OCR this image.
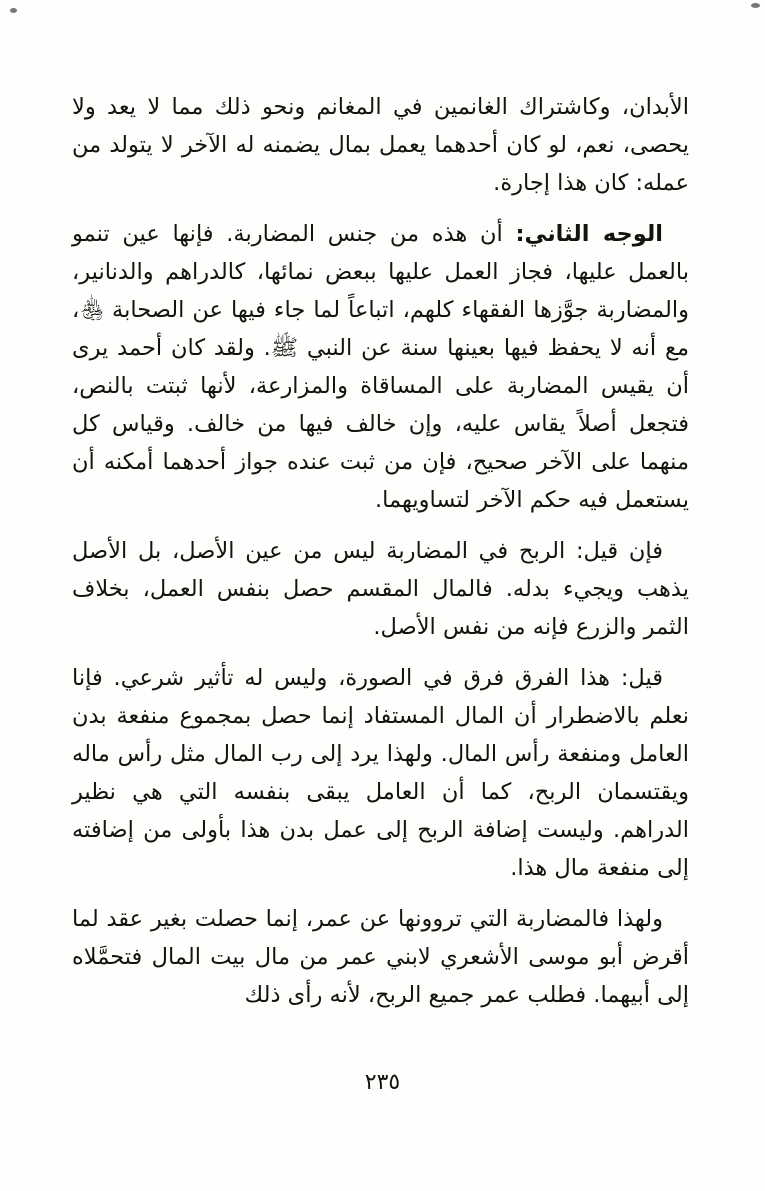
الأبدان، وكاشتراك الغانمين في المغانم ونحو ذلك مما لا يعد ولا يحصى، نعم، لو كان أحدهما يعمل بمال يضمنه له الآخر لا يتولد من عمله: كان هذا إجارة.

الوجه الثاني: أن هذه من جنس المضاربة. فإنها عين تنمو بالعمل عليها، فجاز العمل عليها ببعض نمائها، كالدراهم والدنانير، والمضاربة جوَّزها الفقهاء كلهم، اتباعاً لما جاء فيها عن الصحابة ﵃، مع أنه لا يحفظ فيها بعينها سنة عن النبي ﷺ. ولقد كان أحمد يرى أن يقيس المضاربة على المساقاة والمزارعة، لأنها ثبتت بالنص، فتجعل أصلاً يقاس عليه، وإن خالف فيها من خالف. وقياس كل منهما على الآخر صحيح، فإن من ثبت عنده جواز أحدهما أمكنه أن يستعمل فيه حكم الآخر لتساويهما.

فإن قيل: الربح في المضاربة ليس من عين الأصل، بل الأصل يذهب ويجيء بدله. فالمال المقسم حصل بنفس العمل، بخلاف الثمر والزرع فإنه من نفس الأصل.

قيل: هذا الفرق فرق في الصورة، وليس له تأثير شرعي. فإنا نعلم بالاضطرار أن المال المستفاد إنما حصل بمجموع منفعة بدن العامل ومنفعة رأس المال. ولهذا يرد إلى رب المال مثل رأس ماله ويقتسمان الربح، كما أن العامل يبقى بنفسه التي هي نظير الدراهم. وليست إضافة الربح إلى عمل بدن هذا بأولى من إضافته إلى منفعة مال هذا.

ولهذا فالمضاربة التي تروونها عن عمر، إنما حصلت بغير عقد لما أقرض أبو موسى الأشعري لابني عمر من مال بيت المال فتحمَّلاه إلى أبيهما. فطلب عمر جميع الربح، لأنه رأى ذلك

٢٣٥
